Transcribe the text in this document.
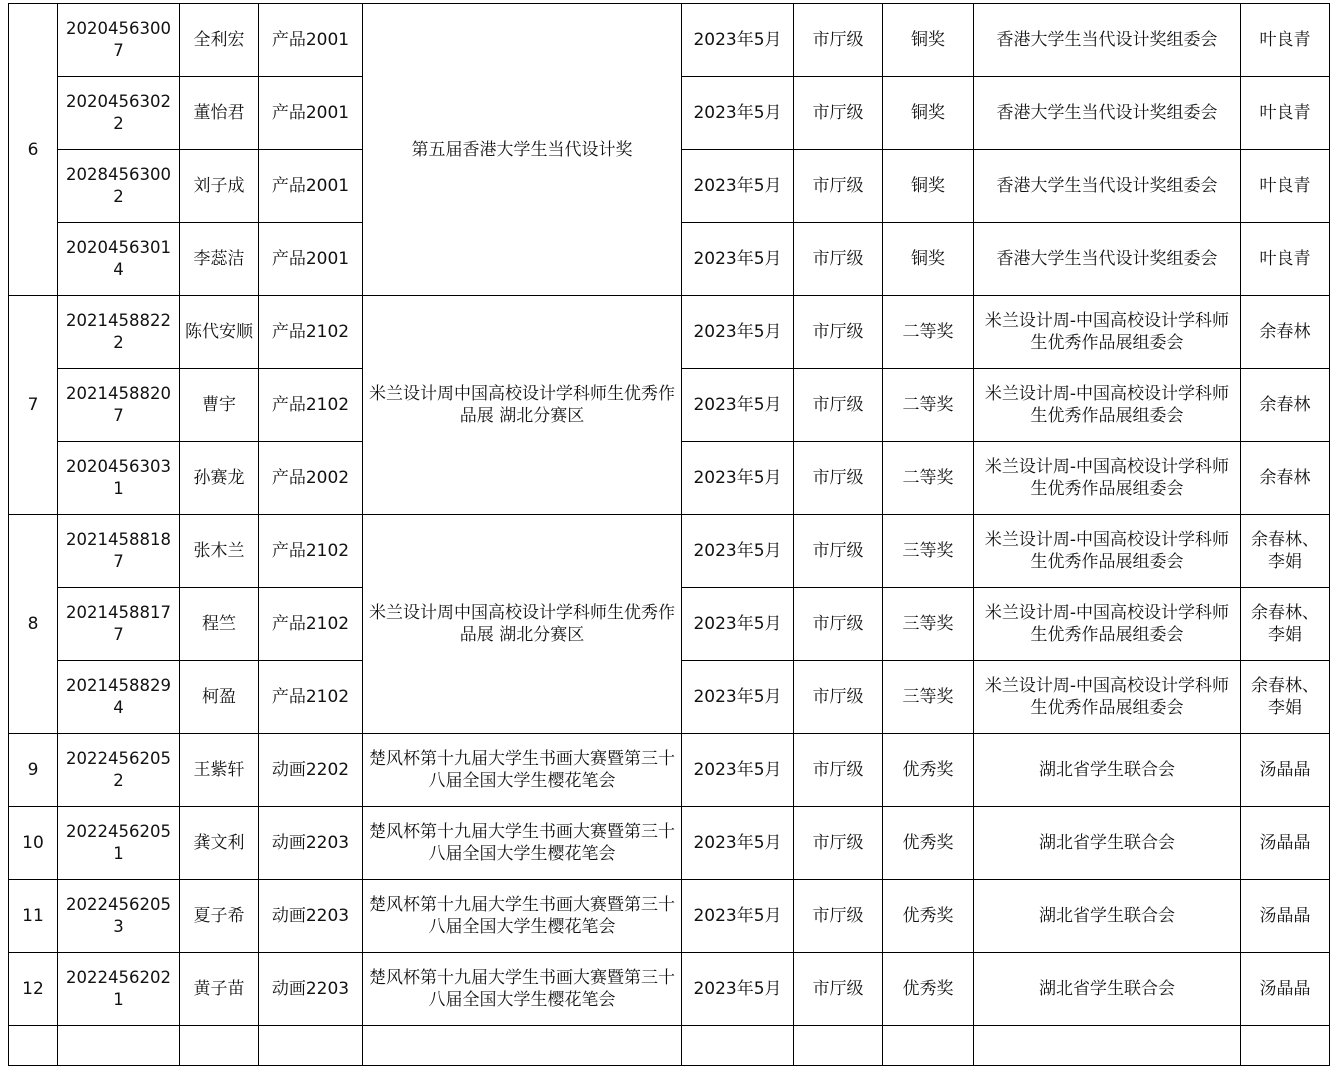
6	20204563007	全利宏	产品2001	第五届香港大学生当代设计奖	2023年5月	市厅级	铜奖	香港大学生当代设计奖组委会	叶良青
	20204563022	董怡君	产品2001		2023年5月	市厅级	铜奖	香港大学生当代设计奖组委会	叶良青
	20284563002	刘子成	产品2001		2023年5月	市厅级	铜奖	香港大学生当代设计奖组委会	叶良青
	20204563014	李蕊洁	产品2001		2023年5月	市厅级	铜奖	香港大学生当代设计奖组委会	叶良青
7	20214588222	陈代安顺	产品2102	米兰设计周中国高校设计学科师生优秀作品展 湖北分赛区	2023年5月	市厅级	二等奖	米兰设计周-中国高校设计学科师生优秀作品展组委会	余春林
	20214588207	曹宇	产品2102		2023年5月	市厅级	二等奖	米兰设计周-中国高校设计学科师生优秀作品展组委会	余春林
	20204563031	孙赛龙	产品2002		2023年5月	市厅级	二等奖	米兰设计周-中国高校设计学科师生优秀作品展组委会	余春林
8	20214588187	张木兰	产品2102	米兰设计周中国高校设计学科师生优秀作品展 湖北分赛区	2023年5月	市厅级	三等奖	米兰设计周-中国高校设计学科师生优秀作品展组委会	余春林、李娟
	20214588177	程竺	产品2102		2023年5月	市厅级	三等奖	米兰设计周-中国高校设计学科师生优秀作品展组委会	余春林、李娟
	20214588294	柯盈	产品2102		2023年5月	市厅级	三等奖	米兰设计周-中国高校设计学科师生优秀作品展组委会	余春林、李娟
9	20224562052	王紫轩	动画2202	楚风杯第十九届大学生书画大赛暨第三十八届全国大学生樱花笔会	2023年5月	市厅级	优秀奖	湖北省学生联合会	汤晶晶
10	20224562051	龚文利	动画2203	楚风杯第十九届大学生书画大赛暨第三十八届全国大学生樱花笔会	2023年5月	市厅级	优秀奖	湖北省学生联合会	汤晶晶
11	20224562053	夏子希	动画2203	楚风杯第十九届大学生书画大赛暨第三十八届全国大学生樱花笔会	2023年5月	市厅级	优秀奖	湖北省学生联合会	汤晶晶
12	20224562021	黄子苗	动画2203	楚风杯第十九届大学生书画大赛暨第三十八届全国大学生樱花笔会	2023年5月	市厅级	优秀奖	湖北省学生联合会	汤晶晶
